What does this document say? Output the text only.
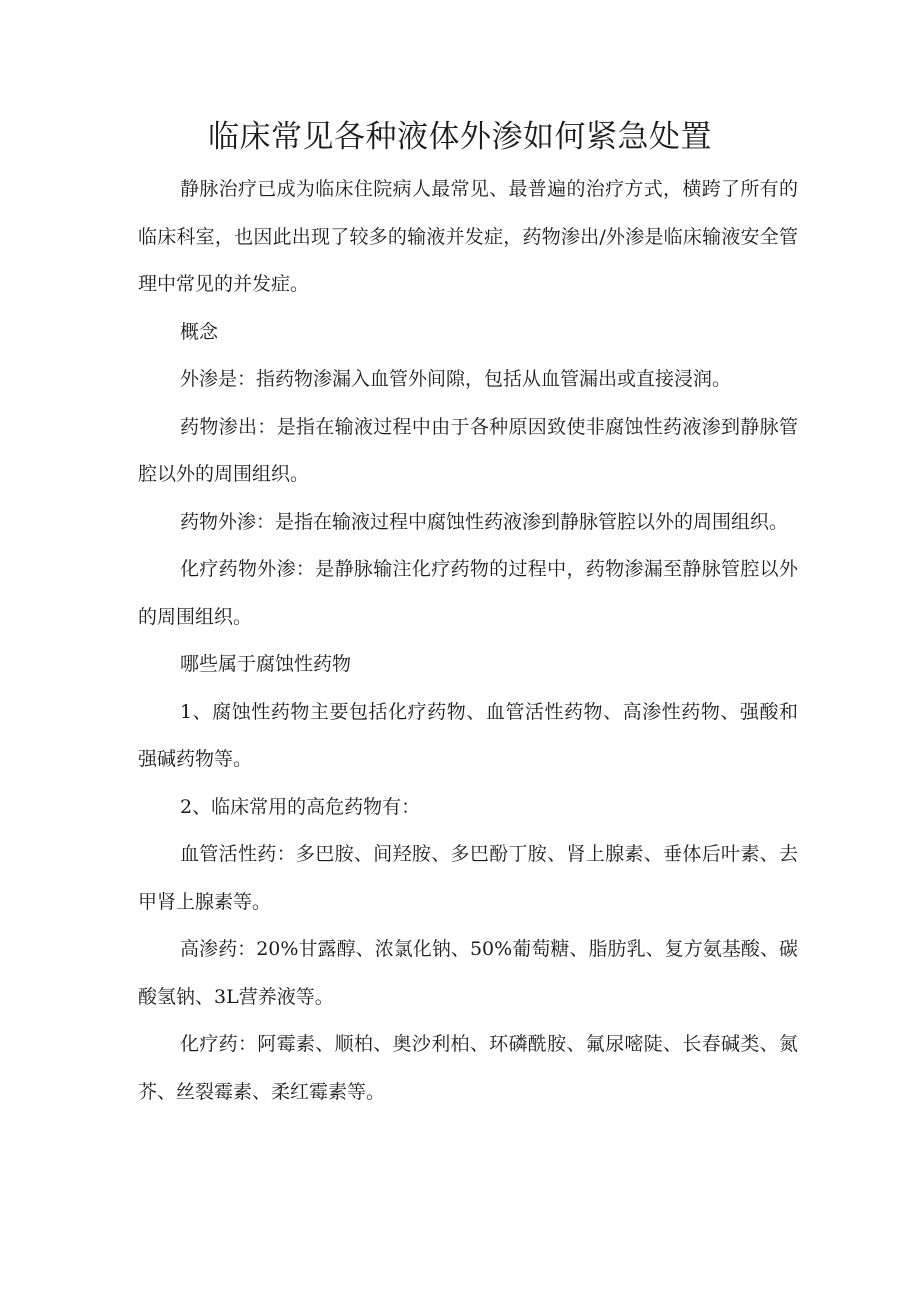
临床常见各种液体外渗如何紧急处置

静脉治疗已成为临床住院病人最常见、最普遍的治疗方式，横跨了所有的临床科室，也因此出现了较多的输液并发症，药物渗出/外渗是临床输液安全管理中常见的并发症。

概念

外渗是：指药物渗漏入血管外间隙，包括从血管漏出或直接浸润。

药物渗出：是指在输液过程中由于各种原因致使非腐蚀性药液渗到静脉管腔以外的周围组织。

药物外渗：是指在输液过程中腐蚀性药液渗到静脉管腔以外的周围组织。

化疗药物外渗：是静脉输注化疗药物的过程中，药物渗漏至静脉管腔以外的周围组织。

哪些属于腐蚀性药物

1、腐蚀性药物主要包括化疗药物、血管活性药物、高渗性药物、强酸和强碱药物等。

2、临床常用的高危药物有：

血管活性药：多巴胺、间羟胺、多巴酚丁胺、肾上腺素、垂体后叶素、去甲肾上腺素等。

高渗药：20%甘露醇、浓氯化钠、50%葡萄糖、脂肪乳、复方氨基酸、碳酸氢钠、3L营养液等。

化疗药：阿霉素、顺柏、奥沙利柏、环磷酰胺、氟尿嘧陡、长春碱类、氮芥、丝裂霉素、柔红霉素等。
